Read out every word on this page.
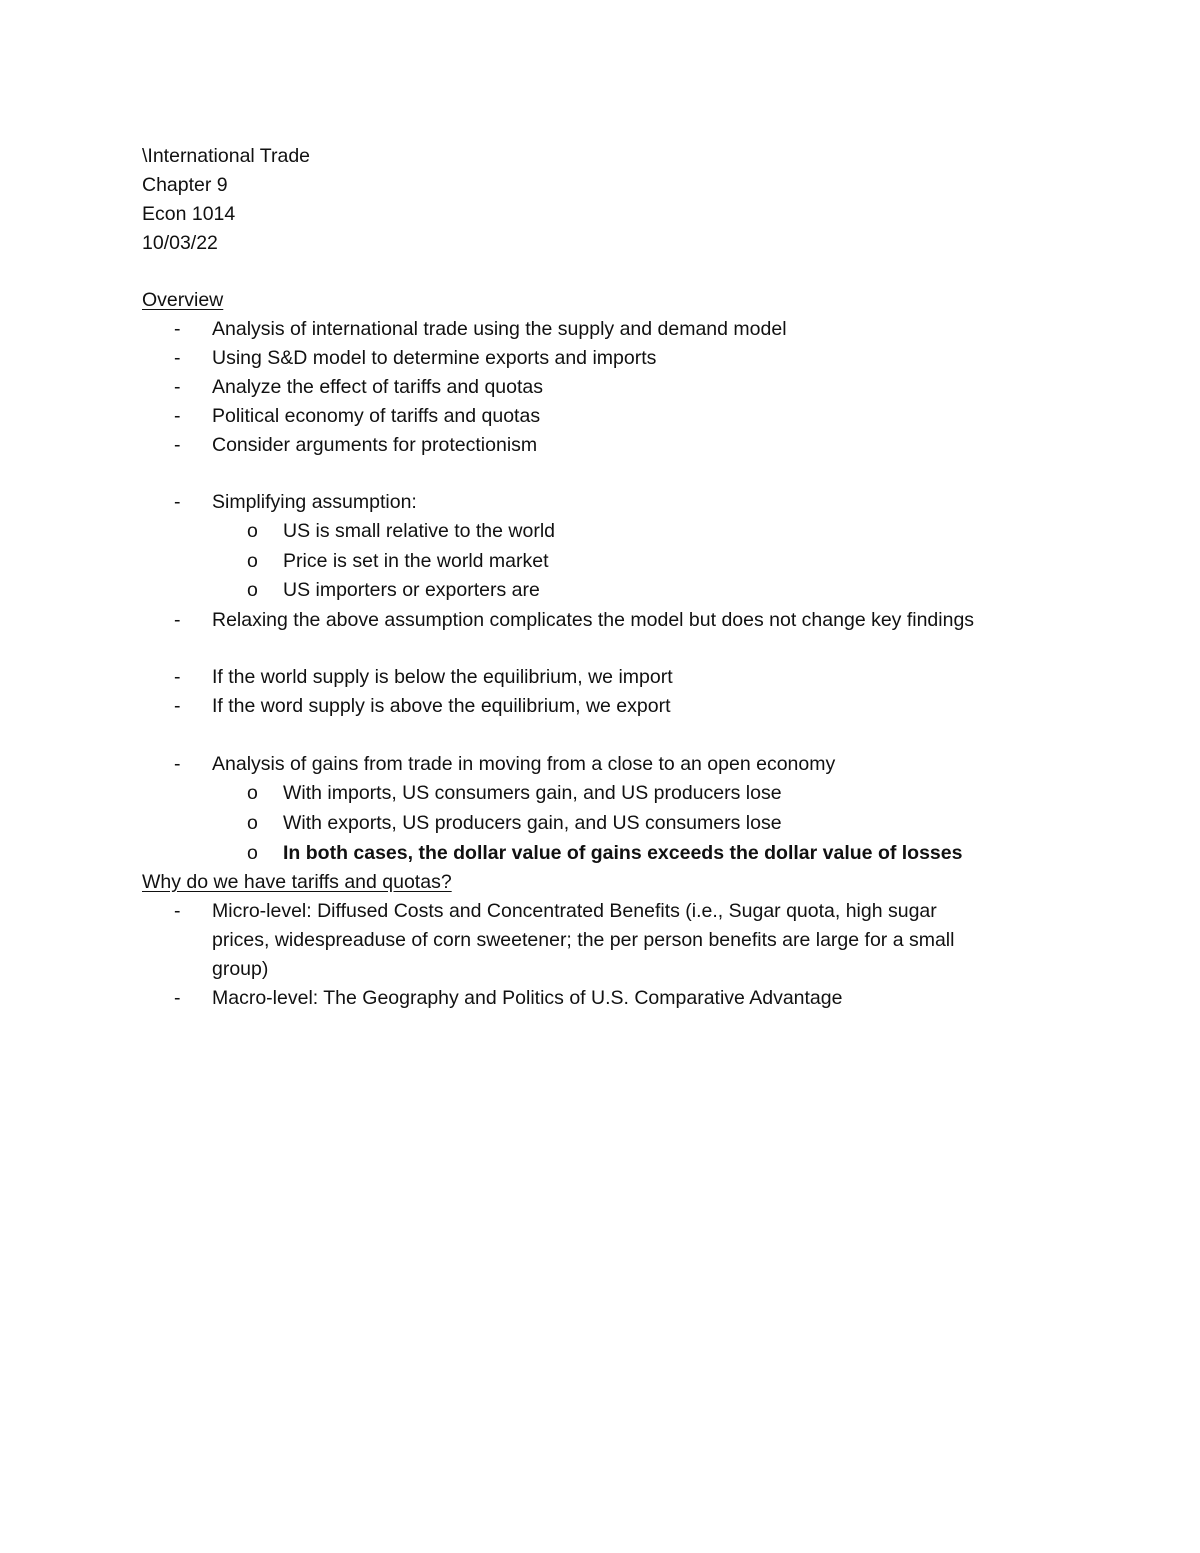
\International Trade
Chapter 9
Econ 1014
10/03/22
Overview
- Analysis of international trade using the supply and demand model
- Using S&D model to determine exports and imports
- Analyze the effect of tariffs and quotas
- Political economy of tariffs and quotas
- Consider arguments for protectionism
- Simplifying assumption:
o US is small relative to the world
o Price is set in the world market
o US importers or exporters are
- Relaxing the above assumption complicates the model but does not change key findings
- If the world supply is below the equilibrium, we import
- If the word supply is above the equilibrium, we export
- Analysis of gains from trade in moving from a close to an open economy
o With imports, US consumers gain, and US producers lose
o With exports, US producers gain, and US consumers lose
o In both cases, the dollar value of gains exceeds the dollar value of losses
Why do we have tariffs and quotas?
- Micro-level: Diffused Costs and Concentrated Benefits (i.e., Sugar quota, high sugar
prices, widespreaduse of corn sweetener; the per person benefits are large for a small
group)
- Macro-level: The Geography and Politics of U.S. Comparative Advantage
